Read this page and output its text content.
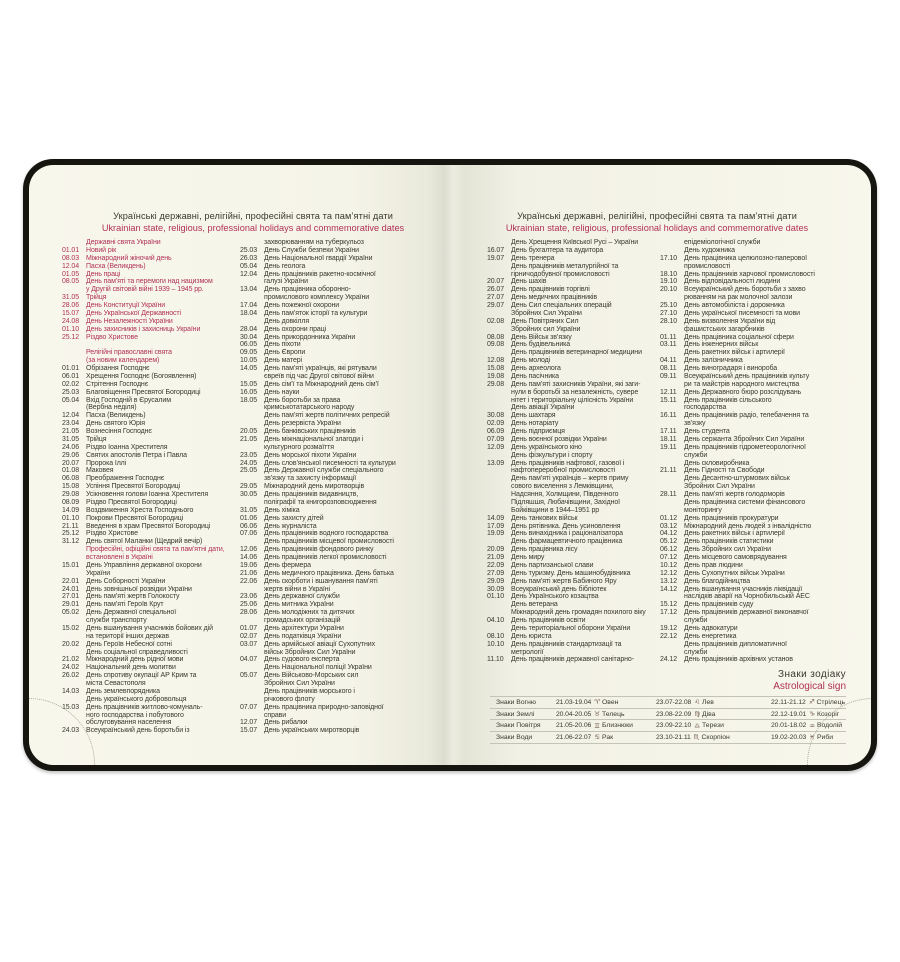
Українські державні, релігійні, професійні свята та пам’ятні дати
Ukrainian state, religious, professional holidays and commemorative dates
Українські державні, релігійні, професійні свята та пам’ятні дати
Ukrainian state, religious, professional holidays and commemorative dates
Державні свята України
01.01 Новий рік
08.03 Міжнародний жіночий день
12.04 Пасха (Великдень)
01.05 День праці
08.05 День пам’яті та перемоги над нацизмом
у Другій світовій війні 1939 – 1945 рр.
31.05 Трійця
28.06 День Конституції України
15.07 День Української Державності
24.08 День Незалежності України
01.10 День захисників і захисниць України
25.12 Різдво Христове
Релігійні православні свята
(за новим календарем)
01.01 Обрізання Господнє
06.01 Хрещення Господнє (Богоявлення)
02.02 Стрітення Господнє
25.03 Благовіщення Пресвятої Богородиці
05.04 Вхід Господній в Єрусалим
(Вербна неділя)
12.04 Пасха (Великдень)
23.04 День святого Юрія
21.05 Вознесіння Господнє
31.05 Трійця
24.06 Різдво Іоанна Хрестителя
29.06 Святих апостолів Петра і Павла
20.07 Пророка Іллі
01.08 Маковея
06.08 Преображення Господнє
15.08 Успіння Пресвятої Богородиці
29.08 Усікновення голови Іоанна Хрестителя
08.09 Різдво Пресвятої Богородиці
14.09 Воздвиження Хреста Господнього
01.10 Покрови Пресвятої Богородиці
21.11	Введення в храм Пресвятої Богородиці
25.12 Різдво Христове
31.12 День святої Маланки (Щедрий вечір)
Професійні, офіційні свята та пам’ятні дати,
встановлені в Україні
15.01 День Управління державної охорони
України
22.01 День Соборності України
24.01 День зовнішньої розвідки України
27.01 День пам’яті жертв Голокосту
29.01 День пам’яті Героїв Крут
05.02 День Державної спеціальної
служби транспорту
15.02 День вшанування учасників бойових дій
на території інших держав
20.02 День Героїв Небесної сотні
День соціальної справедливості
21.02 Міжнародний день рідної мови
24.02 Національний день молитви
26.02 День спротиву окупації АР Крим та
міста Севастополя
14.03 День землевпорядника
День українського добровольця
15.03 День працівників житлово-комуналь-
ного господарства і побутового
обслуговування населення
24.03 Всеукраїнський день боротьби із
захворюванням на туберкульоз
25.03 День Служби безпеки України
26.03 День Національної гвардії України
05.04 День геолога
12.04 День працівників ракетно-космічної
галузі України
13.04 День працівника оборонно-
промислового комплексу України
17.04 День пожежної охорони
18.04 День пам’яток історії та культури
День довкілля
28.04 День охорони праці
30.04 День прикордонника України
06.05 День піхоти
09.05 День Європи
10.05 День матері
14.05 День пам’яті українців, які рятували
євреїв під час Другої світової війни
15.05 День сім’ї та Міжнародний день сім’ї
16.05 День науки
18.05 День боротьби за права
кримськотатарського народу
День пам’яті жертв політичних репресій
День резервіста України
20.05 День банківських працівників
21.05 День міжнаціональної злагоди і
культурного розмаїття
23.05 День морської піхоти України
24.05 День слов’янської писемності та культури
25.05 День Державної служби спеціального
зв’язку та захисту інформації
29.05 Міжнародний день миротворців
30.05 День працівників видавництв,
поліграфії та книгорозповсюдження
31.05 День хіміка
01.06 День захисту дітей
06.06 День журналіста
07.06 День працівників водного господарства
День працівників місцевої промисловості
12.06 День працівників фондового ринку
14.06 День працівників легкої промисловості
19.06 День фермера
21.06 День медичного працівника. День батька
22.06 День скорботи і вшанування пам’яті
жертв війни в Україні
23.06 День державної служби
25.06 День митника України
28.06 День молодіжних та дитячих
громадських організацій
01.07 День архітектури України
02.07 День податківця України
03.07 День армійської авіації Сухопутних
військ Збройних Сил України
04.07 День судового експерта
День Національної поліції України
05.07 День Військово-Морських сил
Збройних Сил України
День працівників морського і
річкового флоту
07.07 День працівника природно-заповідної
справи
12.07 День рибалки
15.07 День українських миротворців
День Хрещення Київської Русі – України
16.07 День бухгалтера та аудитора
19.07 День тренера
День працівників металургійної та
гірничодобувної промисловості
20.07 День шахів
26.07 День працівників торгівлі
27.07 День медичних працівників
29.07 День Сил спеціальних операцій
Збройних Сил України
02.08 День Повітряних Сил
Збройних сил України
08.08 День Військ зв’язку
09.08 День будівельника
День працівників ветеринарної медицини
12.08 День молоді
15.08 День археолога
19.08 День пасічника
29.08 День пам’яті захисників України, які заги-
нули в боротьбі за незалежність, сувере
нітет і територіальну цілісність України
День авіації України
30.08 День шахтаря
02.09 День нотаріату
06.09 День підприємця
07.09 День воєнної розвідки України
12.09 День українського кіно
День фізкультури і спорту
13.09 День працівників нафтової, газової і
нафтопереробної промисловості
День пам’яті українців – жертв приму
сового виселення з Лемківщини,
Надсяння, Холмщини, Південного
Підляшшя, Любачівщини, Західної
Бойківщини в 1944–1951 рр
14.09 День танкових військ
17.09 День рятівника. День усиновлення
19.09 День винахідника і раціоналізатора
День фармацевтичного працівника
20.09 День працівника лісу
21.09 День миру
22.09 День партизанської слави
27.09 День туризму. День машинобудівника
29.09 День пам’яті жертв Бабиного Яру
30.09 Всеукраїнський день бібліотек
01.10 День Українського козацтва
День ветерана
Міжнародний день громадян похилого віку
04.10 День працівників освіти
День територіальної оборони України
08.10 День юриста
10.10 День працівників стандартизації та
метрології
11.10	День працівників державної санітарно-
епідеміологічної служби
День художника
17.10 День працівника целюлозно-паперової
промисловості
18.10 День працівників харчової промисловості
19.10 День відповідальності людини
20.10 Всеукраїнський день боротьби з захво
рюванням на рак молочної залози
25.10 День автомобіліста і дорожника
27.10 День української писемності та мови
28.10 День визволення України від
фашистських загарбників
01.11	День працівника соціальної сфери
03.11	День інженерних військ
День ракетних військ і артилерії
04.11	День залізничника
08.11	День виноградаря і винороба
09.11	Всеукраїнський день працівників культу
ри та майстрів народного мистецтва
12.11	День Державного бюро розслідувань
15.11	День працівників сільського
господарства
16.11	День працівників радіо, телебачення та
зв’язку
17.11	День студента
18.11	День сержанта Збройних Сил України
19.11	День працівників гідрометеорологічної
служби
День скловиробника
21.11	День Гідності та Свободи
День Десантно-штурмових військ
Збройних Сил України
28.11	День пам’яті жертв голодоморів
День працівника системи фінансового
моніторингу
01.12 День працівників прокуратури
03.12 Міжнародний день людей з інвалідністю
04.12 День ракетних військ і артилерії
05.12 День працівників статистики
06.12 День Збройних сил України
07.12 День місцевого самоврядування
10.12 День прав людини
12.12 День Сухопутних військ України
13.12 День благодійництва
14.12 День вшанування учасників ліквідації
наслідків аварії на Чорнобильській АЕС
15.12 День працівників суду
17.12 День працівників державної виконавчої
служби
19.12 День адвокатури
22.12 День енергетика
День працівників дипломатичної
служби
24.12 День працівників архівних установ
Знаки зодіаку
Astrological sign
Знаки Вогню	21.03-19.04 ♈ Овен	23.07-22.08 ♌ Лев	22.11-21.12 ♐ Стрілець
Знаки Землі	20.04-20.05 ♉ Телець	23.08-22.09 ♍ Діва	22.12-19.01 ♑ Козоріг
Знаки Повітря	21.05-20.06 ♊ Близнюки	23.09-22.10 ♎ Терези	20.01-18.02 ♒ Водолій
Знаки Води	21.06-22.07 ♋ Рак	23.10-21.11 ♏ Скорпіон	19.02-20.03 ♓ Риби
